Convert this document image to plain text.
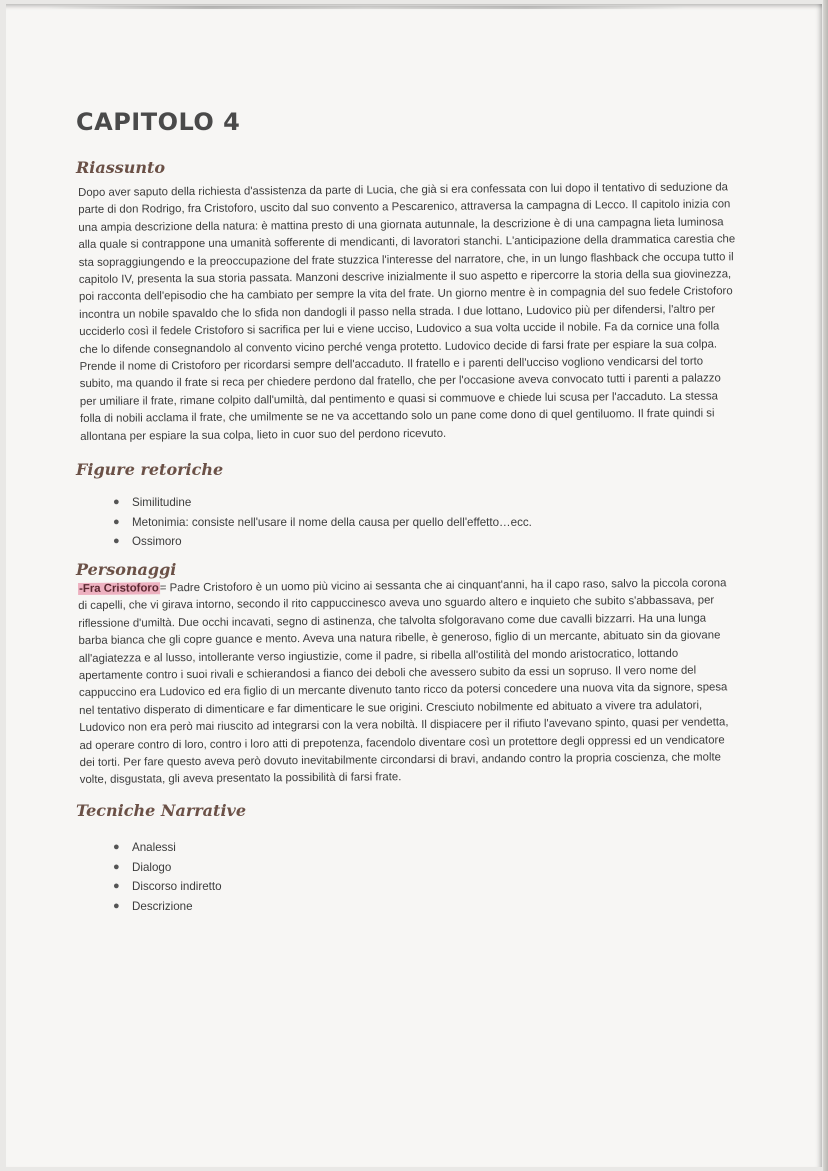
CAPITOLO 4
Riassunto

Dopo aver saputo della richiesta d'assistenza da parte di Lucia, che già si era confessata con lui dopo il tentativo di seduzione da parte di don Rodrigo, fra Cristoforo, uscito dal suo convento a Pescarenico, attraversa la campagna di Lecco. Il capitolo inizia con una ampia descrizione della natura: è mattina presto di una giornata autunnale, la descrizione è di una campagna lieta luminosa alla quale si contrappone una umanità sofferente di mendicanti, di lavoratori stanchi. L'anticipazione della drammatica carestia che sta sopraggiungendo e la preoccupazione del frate stuzzica l'interesse del narratore, che, in un lungo flashback che occupa tutto il capitolo IV, presenta la sua storia passata. Manzoni descrive inizialmente il suo aspetto e ripercorre la storia della sua giovinezza, poi racconta dell'episodio che ha cambiato per sempre la vita del frate. Un giorno mentre è in compagnia del suo fedele Cristoforo incontra un nobile spavaldo che lo sfida non dandogli il passo nella strada. I due lottano, Ludovico più per difendersi, l'altro per ucciderlo così il fedele Cristoforo si sacrifica per lui e viene ucciso, Ludovico a sua volta uccide il nobile. Fa da cornice una folla che lo difende consegnandolo al convento vicino perché venga protetto. Ludovico decide di farsi frate per espiare la sua colpa. Prende il nome di Cristoforo per ricordarsi sempre dell'accaduto. Il fratello e i parenti dell'ucciso vogliono vendicarsi del torto subito, ma quando il frate si reca per chiedere perdono dal fratello, che per l'occasione aveva convocato tutti i parenti a palazzo per umiliare il frate, rimane colpito dall'umiltà, dal pentimento e quasi si commuove e chiede lui scusa per l'accaduto. La stessa folla di nobili acclama il frate, che umilmente se ne va accettando solo un pane come dono di quel gentiluomo. Il frate quindi si allontana per espiare la sua colpa, lieto in cuor suo del perdono ricevuto.

Figure retoriche
● Similitudine
● Metonimia: consiste nell'usare il nome della causa per quello dell'effetto…ecc.
● Ossimoro
Personaggi

-Fra Cristoforo= Padre Cristoforo è un uomo più vicino ai sessanta che ai cinquant'anni, ha il capo raso, salvo la piccola corona di capelli, che vi girava intorno, secondo il rito cappuccinesco aveva uno sguardo altero e inquieto che subito s'abbassava, per riflessione d'umiltà. Due occhi incavati, segno di astinenza, che talvolta sfolgoravano come due cavalli bizzarri. Ha una lunga barba bianca che gli copre guance e mento. Aveva una natura ribelle, è generoso, figlio di un mercante, abituato sin da giovane all'agiatezza e al lusso, intollerante verso ingiustizie, come il padre, si ribella all'ostilità del mondo aristocratico, lottando apertamente contro i suoi rivali e schierandosi a fianco dei deboli che avessero subito da essi un sopruso. Il vero nome del cappuccino era Ludovico ed era figlio di un mercante divenuto tanto ricco da potersi concedere una nuova vita da signore, spesa nel tentativo disperato di dimenticare e far dimenticare le sue origini. Cresciuto nobilmente ed abituato a vivere tra adulatori, Ludovico non era però mai riuscito ad integrarsi con la vera nobiltà. Il dispiacere per il rifiuto l'avevano spinto, quasi per vendetta, ad operare contro di loro, contro i loro atti di prepotenza, facendolo diventare così un protettore degli oppressi ed un vendicatore dei torti. Per fare questo aveva però dovuto inevitabilmente circondarsi di bravi, andando contro la propria coscienza, che molte volte, disgustata, gli aveva presentato la possibilità di farsi frate.

Tecniche Narrative
● Analessi
● Dialogo
● Discorso indiretto
● Descrizione
